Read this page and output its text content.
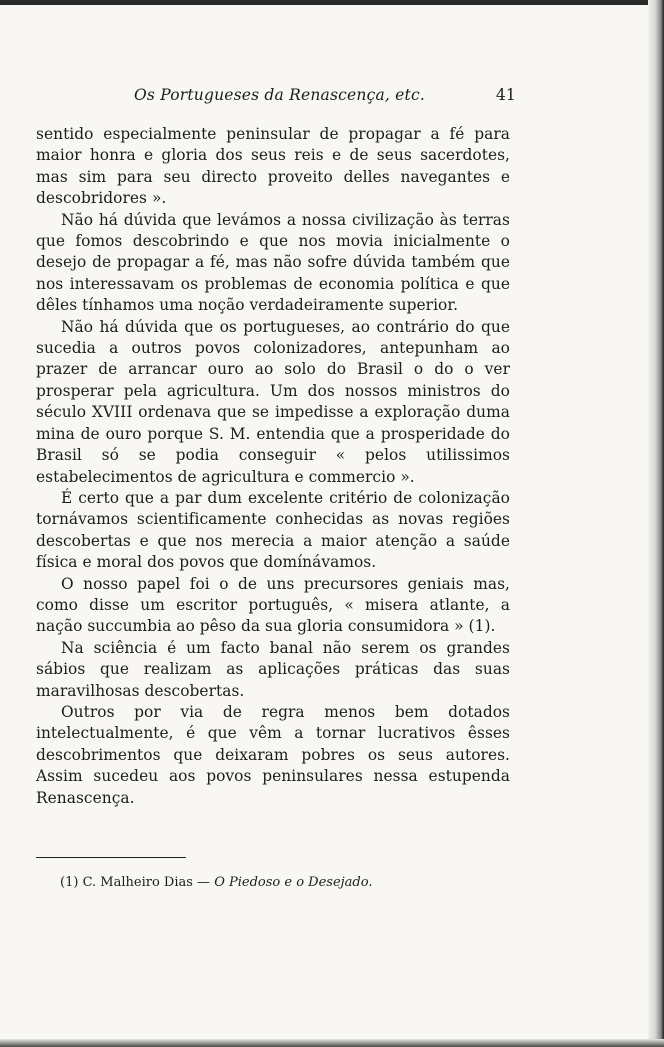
Os Portugueses da Renascença, etc.	41

sentido especialmente peninsular de propagar a fé para maior honra e gloria dos seus reis e de seus sacerdotes, mas sim para seu directo proveito delles navegantes e descobridores ».

Não há dúvida que levámos a nossa civilização às terras que fomos descobrindo e que nos movia inicialmente o desejo de propagar a fé, mas não sofre dúvida também que nos interessavam os problemas de economia política e que dêles tínhamos uma noção verdadeiramente superior.

Não há dúvida que os portugueses, ao contrário do que sucedia a outros povos colonizadores, antepunham ao prazer de arrancar ouro ao solo do Brasil o do o ver prosperar pela agricultura. Um dos nossos ministros do século XVIII ordenava que se impedisse a exploração duma mina de ouro porque S. M. entendia que a prosperidade do Brasil só se podia conseguir « pelos utilissimos estabelecimentos de agricultura e commercio ».

É certo que a par dum excelente critério de colonização tornávamos scientificamente conhecidas as novas regiões descobertas e que nos merecia a maior atenção a saúde física e moral dos povos que domínávamos.

O nosso papel foi o de uns precursores geniais mas, como disse um escritor português, « misera atlante, a nação succumbia ao pêso da sua gloria consumidora » (1).

Na sciência é um facto banal não serem os grandes sábios que realizam as aplicações práticas das suas maravilhosas descobertas.

Outros por via de regra menos bem dotados intelectualmente, é que vêm a tornar lucrativos êsses descobrimentos que deixaram pobres os seus autores. Assim sucedeu aos povos peninsulares nessa estupenda Renascença.

(1) C. Malheiro Dias — O Piedoso e o Desejado.
